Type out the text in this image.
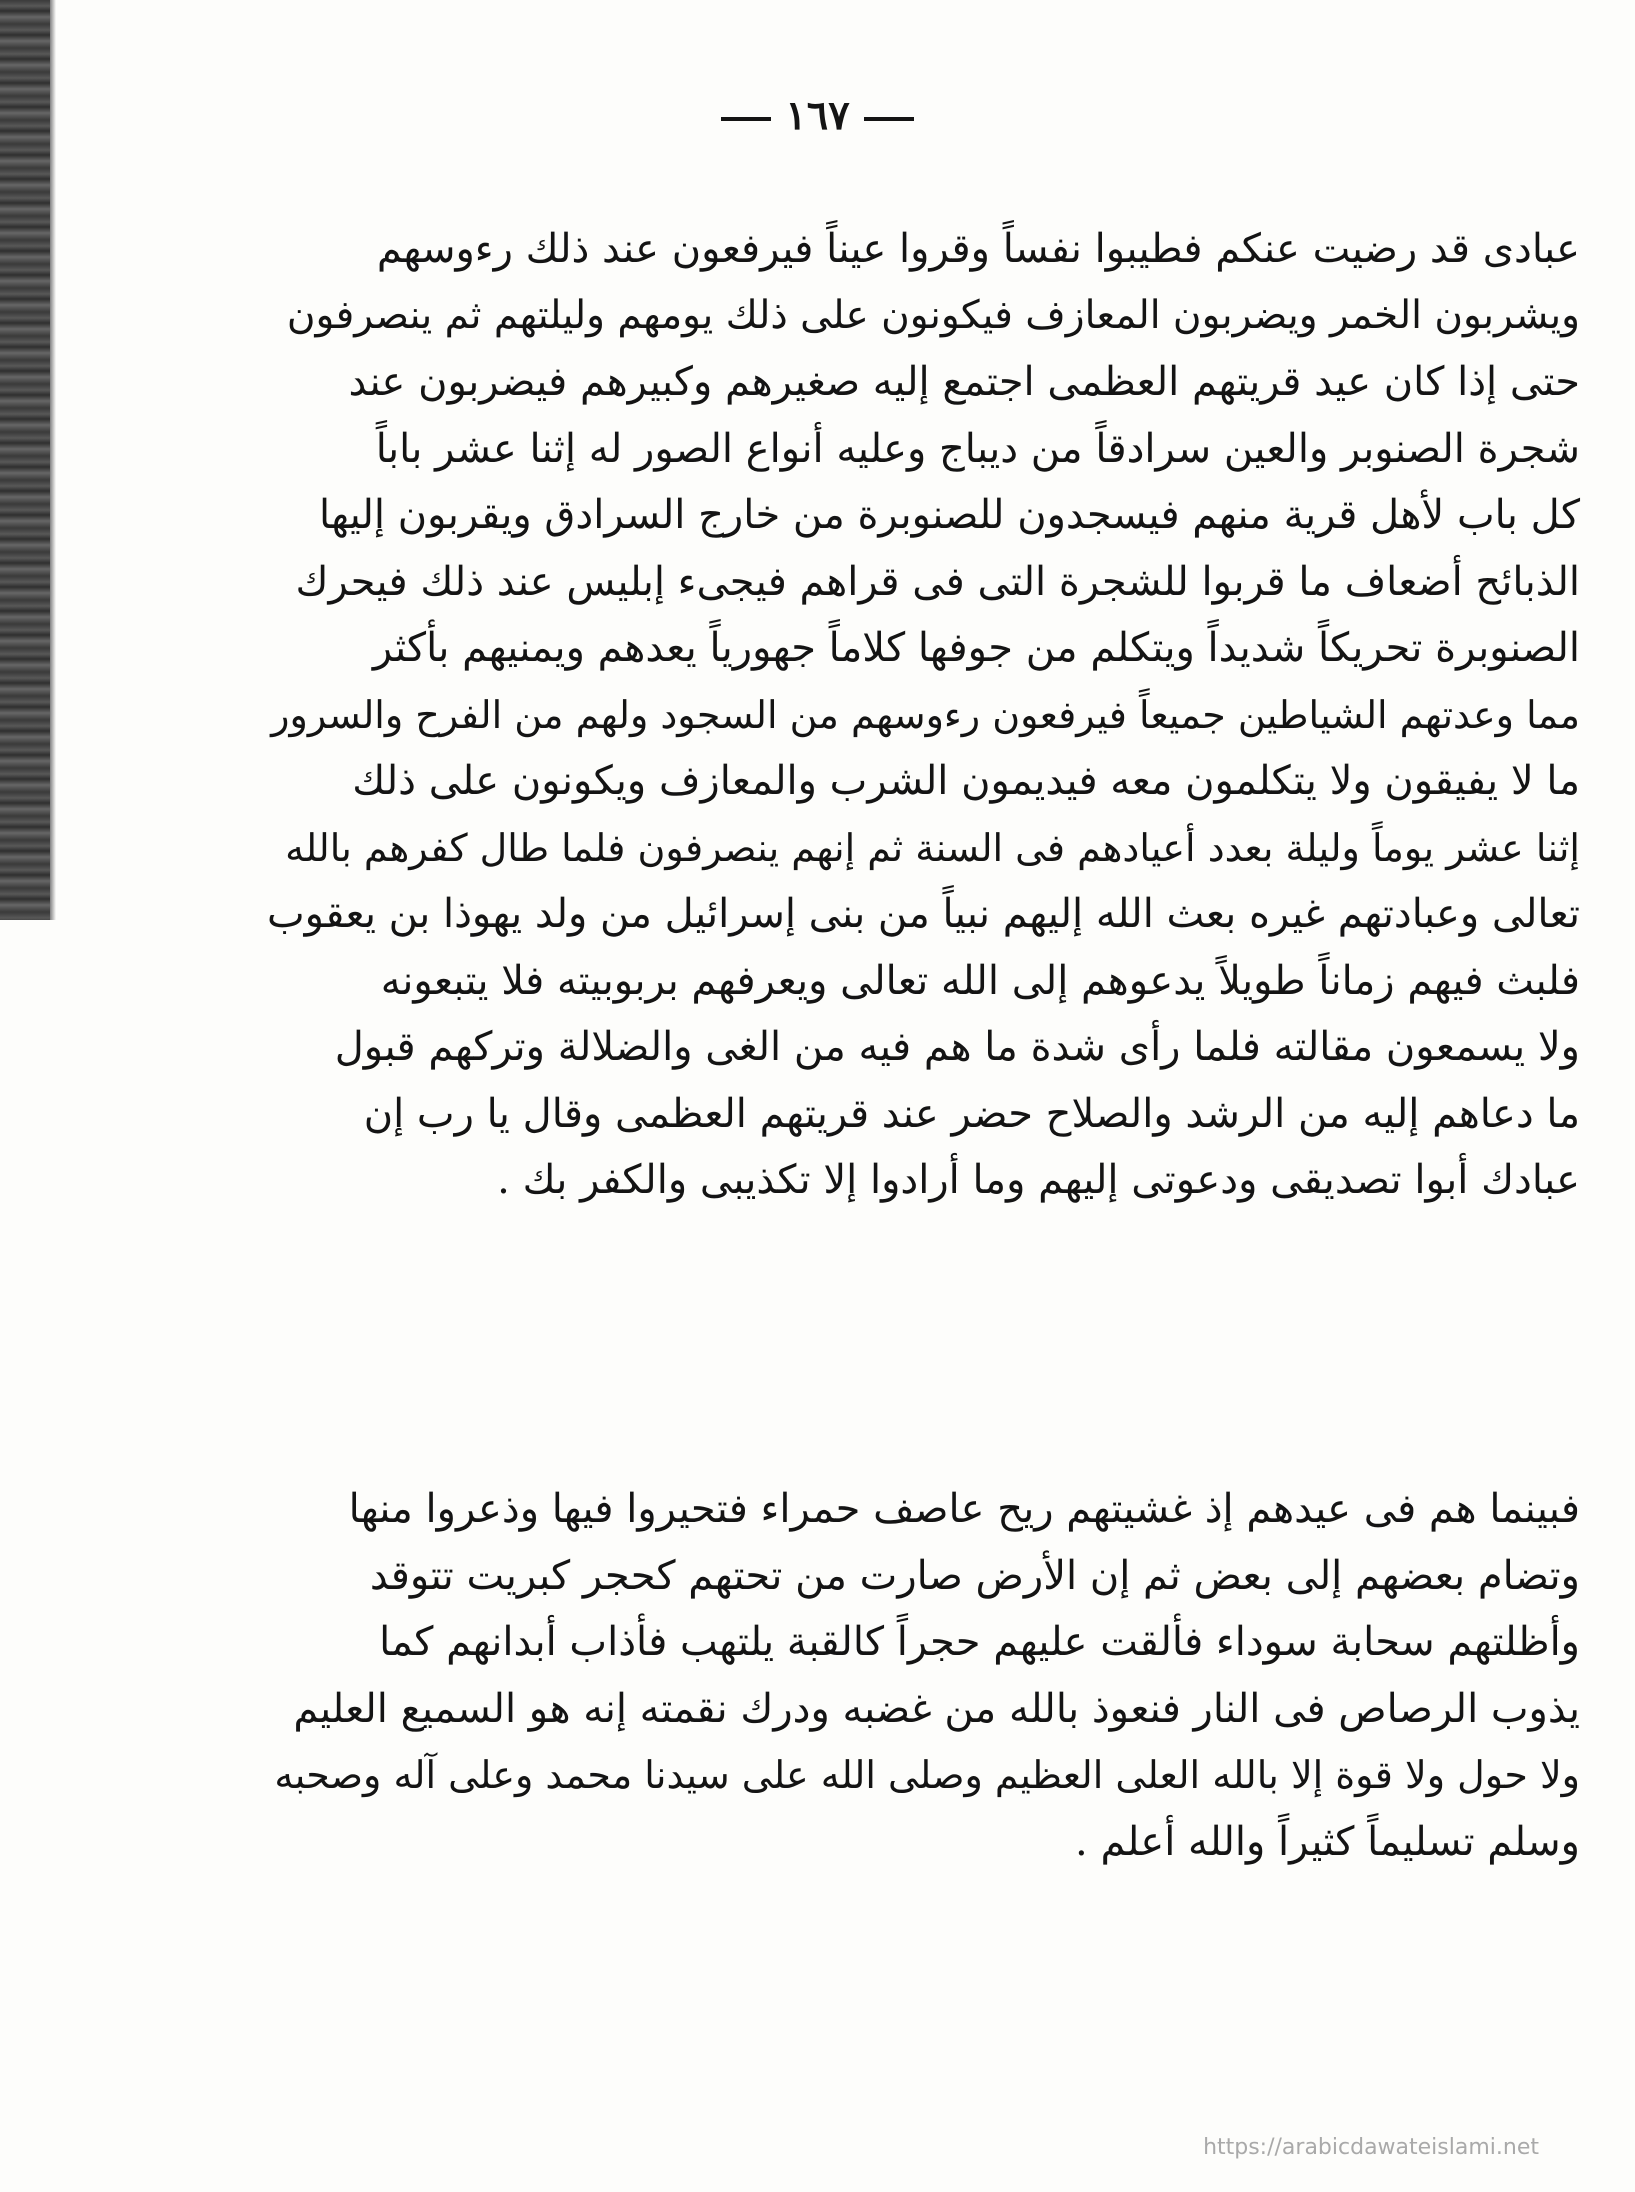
١٦٧
عبادى قد رضيت عنكم فطيبوا نفساً وقروا عيناً فيرفعون عند ذلك رءوسهم
ويشربون الخمر ويضربون المعازف فيكونون على ذلك يومهم وليلتهم ثم ينصرفون
حتى إذا كان عيد قريتهم العظمى اجتمع إليه صغيرهم وكبيرهم فيضربون عند
شجرة الصنوبر والعين سرادقاً من ديباج وعليه أنواع الصور له إثنا عشر باباً
كل باب لأهل قرية منهم فيسجدون للصنوبرة من خارج السرادق ويقربون إليها
الذبائح أضعاف ما قربوا للشجرة التى فى قراهم فيجىء إبليس عند ذلك فيحرك
الصنوبرة تحريكاً شديداً ويتكلم من جوفها كلاماً جهورياً يعدهم ويمنيهم بأكثر
مما وعدتهم الشياطين جميعاً فيرفعون رءوسهم من السجود ولهم من الفرح والسرور
ما لا يفيقون ولا يتكلمون معه فيديمون الشرب والمعازف ويكونون على ذلك
إثنا عشر يوماً وليلة بعدد أعيادهم فى السنة ثم إنهم ينصرفون فلما طال كفرهم بالله
تعالى وعبادتهم غيره بعث الله إليهم نبياً من بنى إسرائيل من ولد يهوذا بن يعقوب
فلبث فيهم زماناً طويلاً يدعوهم إلى الله تعالى ويعرفهم بربوبيته فلا يتبعونه
ولا يسمعون مقالته فلما رأى شدة ما هم فيه من الغى والضلالة وتركهم قبول
ما دعاهم إليه من الرشد والصلاح حضر عند قريتهم العظمى وقال يا رب إن
عبادك أبوا تصديقى ودعوتى إليهم وما أرادوا إلا تكذيبى والكفر بك .
فبينما هم فى عيدهم إذ غشيتهم ريح عاصف حمراء فتحيروا فيها وذعروا منها
وتضام بعضهم إلى بعض ثم إن الأرض صارت من تحتهم كحجر كبريت تتوقد
وأظلتهم سحابة سوداء فألقت عليهم حجراً كالقبة يلتهب فأذاب أبدانهم كما
يذوب الرصاص فى النار فنعوذ بالله من غضبه ودرك نقمته إنه هو السميع العليم
ولا حول ولا قوة إلا بالله العلى العظيم وصلى الله على سيدنا محمد وعلى آله وصحبه
وسلم تسليماً كثيراً والله أعلم .
https://arabicdawateislami.net
